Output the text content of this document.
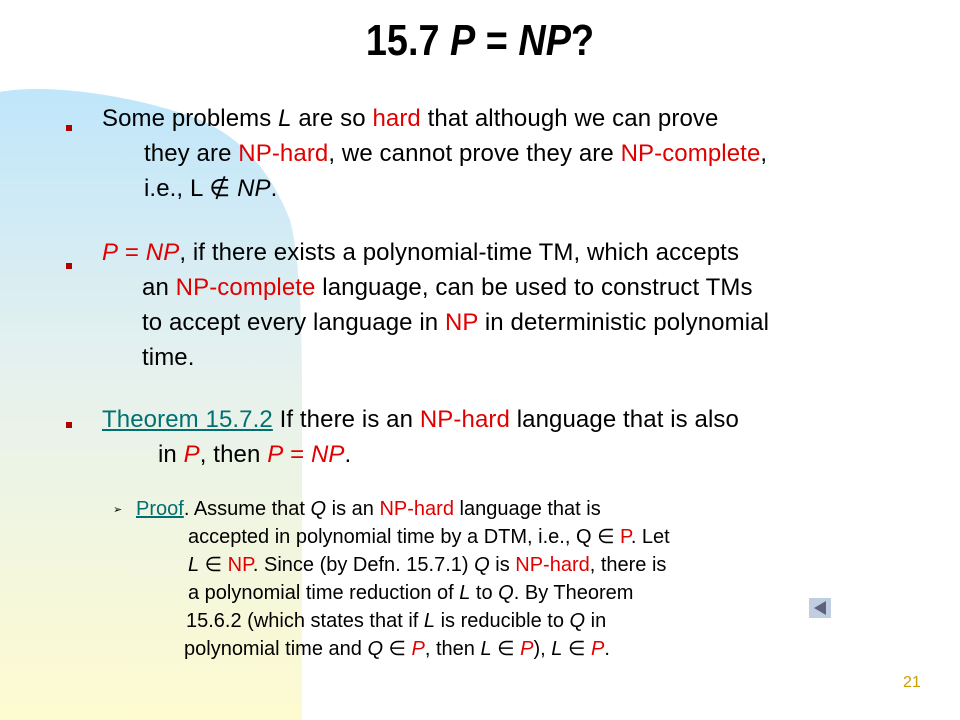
15.7 P = NP?
Some problems L are so hard that although we can prove
they are NP-hard, we cannot prove they are NP-complete,
i.e., L ∉ NP.
P = NP, if there exists a polynomial-time TM, which accepts
an NP-complete language, can be used to construct TMs
to accept every language in NP in deterministic polynomial
time.
Theorem 15.7.2 If there is an NP-hard language that is also
in P, then P = NP.
➢ Proof. Assume that Q is an NP-hard language that is
accepted in polynomial time by a DTM, i.e., Q ∈ P. Let
L ∈ NP. Since (by Defn. 15.7.1) Q is NP-hard, there is
a polynomial time reduction of L to Q. By Theorem
15.6.2 (which states that if L is reducible to Q in
polynomial time and Q ∈ P, then L ∈ P), L ∈ P.
21
